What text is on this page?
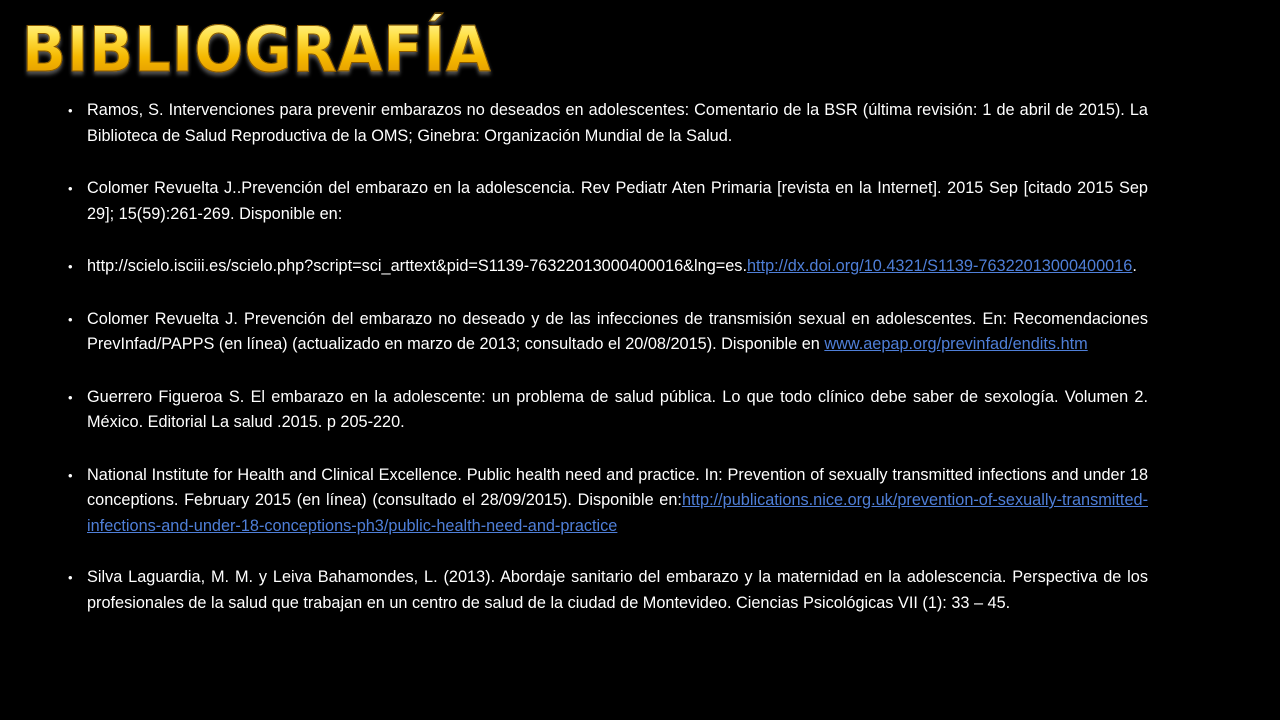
BIBLIOGRAFÍA
• Ramos, S. Intervenciones para prevenir embarazos no deseados en adolescentes: Comentario de la BSR (última revisión: 1 de abril de 2015). La Biblioteca de Salud Reproductiva de la OMS; Ginebra: Organización Mundial de la Salud.
• Colomer Revuelta J..Prevención del embarazo en la adolescencia. Rev Pediatr Aten Primaria [revista en la Internet]. 2015 Sep [citado 2015 Sep 29]; 15(59):261-269. Disponible en:
• http://scielo.isciii.es/scielo.php?script=sci_arttext&pid=S1139-76322013000400016&lng=es.http://dx.doi.org/10.4321/S1139-76322013000400016.
• Colomer Revuelta J. Prevención del embarazo no deseado y de las infecciones de transmisión sexual en adolescentes. En: Recomendaciones PrevInfad/PAPPS (en línea) (actualizado en marzo de 2013; consultado el 20/08/2015). Disponible en www.aepap.org/previnfad/endits.htm
• Guerrero Figueroa S. El embarazo en la adolescente: un problema de salud pública. Lo que todo clínico debe saber de sexología. Volumen 2. México. Editorial La salud .2015. p 205-220.
• National Institute for Health and Clinical Excellence. Public health need and practice. In: Prevention of sexually transmitted infections and under 18 conceptions. February 2015 (en línea) (consultado el 28/09/2015). Disponible en:http://publications.nice.org.uk/prevention-of-sexually-transmitted-infections-and-under-18-conceptions-ph3/public-health-need-and-practice
• Silva Laguardia, M. M. y Leiva Bahamondes, L. (2013). Abordaje sanitario del embarazo y la maternidad en la adolescencia. Perspectiva de los profesionales de la salud que trabajan en un centro de salud de la ciudad de Montevideo. Ciencias Psicológicas VII (1): 33 – 45.
